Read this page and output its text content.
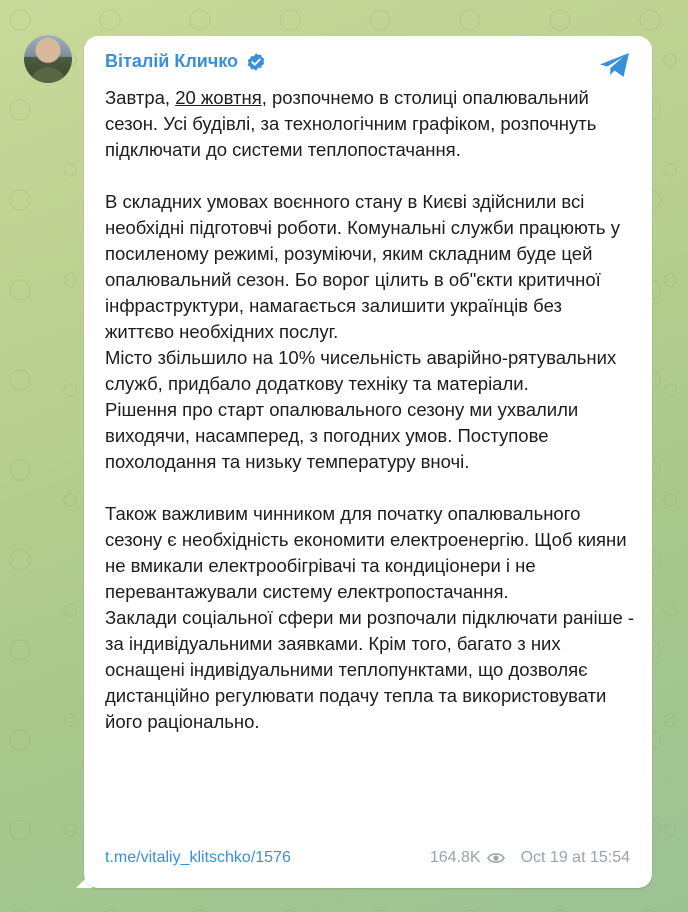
Віталій Кличко

Завтра, 20 жовтня, розпочнемо в столиці опалювальний сезон. Усі будівлі, за технологічним графіком, розпочнуть підключати до системи теплопостачання.

В складних умовах воєнного стану в Києві здійснили всі необхідні підготовчі роботи. Комунальні служби працюють у посиленому режимі, розуміючи, яким складним буде цей опалювальний сезон. Бо ворог цілить в об"єкти критичної інфраструктури, намагається залишити українців без життєво необхідних послуг.

Місто збільшило на 10% чисельність аварійно-рятувальних служб, придбало додаткову техніку та матеріали.

Рішення про старт опалювального сезону ми ухвалили виходячи, насамперед, з погодних умов. Поступове похолодання та низьку температуру вночі.

Також важливим чинником для початку опалювального сезону є необхідність економити електроенергію. Щоб кияни не вмикали електрообігрівачі та кондиціонери і не перевантажували систему електропостачання.

Заклади соціальної сфери ми розпочали підключати раніше - за індивідуальними заявками. Крім того, багато з них оснащені індивідуальними теплопунктами, що дозволяє дистанційно регулювати подачу тепла та використовувати його раціонально.

t.me/vitaliy_klitschko/1576	164.8K	Oct 19 at 15:54
